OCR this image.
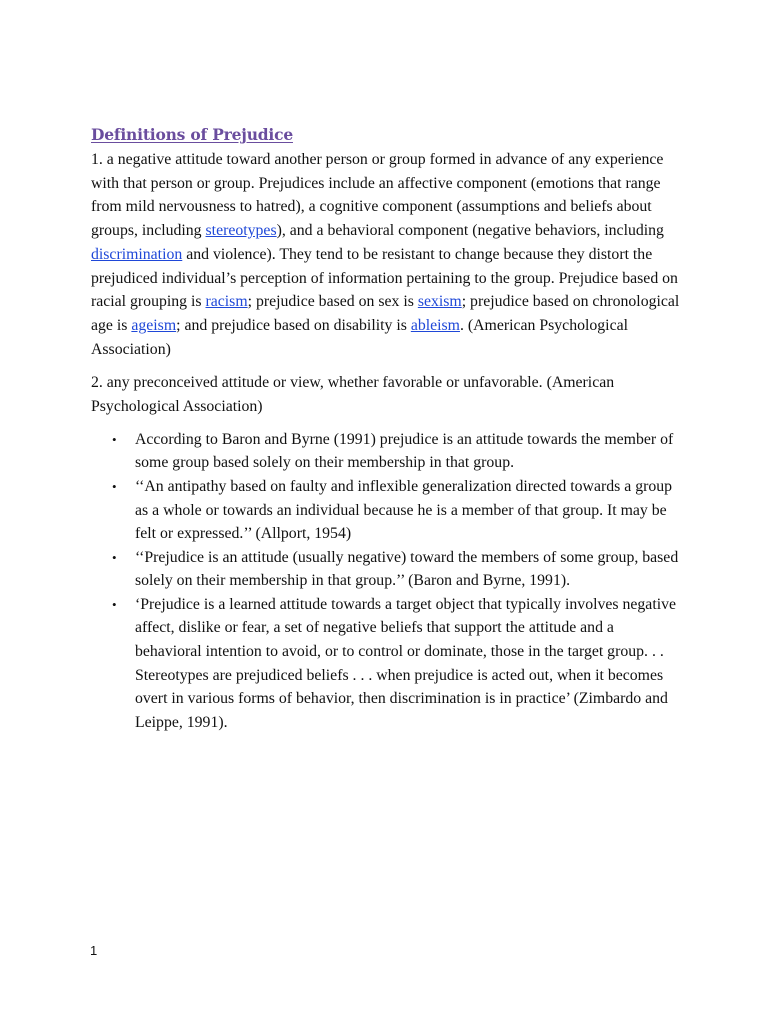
Definitions of Prejudice

1. a negative attitude toward another person or group formed in advance of any experience with that person or group. Prejudices include an affective component (emotions that range from mild nervousness to hatred), a cognitive component (assumptions and beliefs about groups, including stereotypes), and a behavioral component (negative behaviors, including discrimination and violence). They tend to be resistant to change because they distort the prejudiced individual’s perception of information pertaining to the group. Prejudice based on racial grouping is racism; prejudice based on sex is sexism; prejudice based on chronological age is ageism; and prejudice based on disability is ableism. (American Psychological Association)

2. any preconceived attitude or view, whether favorable or unfavorable. (American Psychological Association)

• According to Baron and Byrne (1991) prejudice is an attitude towards the member of some group based solely on their membership in that group.
• ‘‘An antipathy based on faulty and inflexible generalization directed towards a group as a whole or towards an individual because he is a member of that group. It may be felt or expressed.’’ (Allport, 1954)
• ‘‘Prejudice is an attitude (usually negative) toward the members of some group, based solely on their membership in that group.’’ (Baron and Byrne, 1991).
• ‘Prejudice is a learned attitude towards a target object that typically involves negative affect, dislike or fear, a set of negative beliefs that support the attitude and a behavioral intention to avoid, or to control or dominate, those in the target group. . . Stereotypes are prejudiced beliefs . . . when prejudice is acted out, when it becomes overt in various forms of behavior, then discrimination is in practice’ (Zimbardo and Leippe, 1991).
1
